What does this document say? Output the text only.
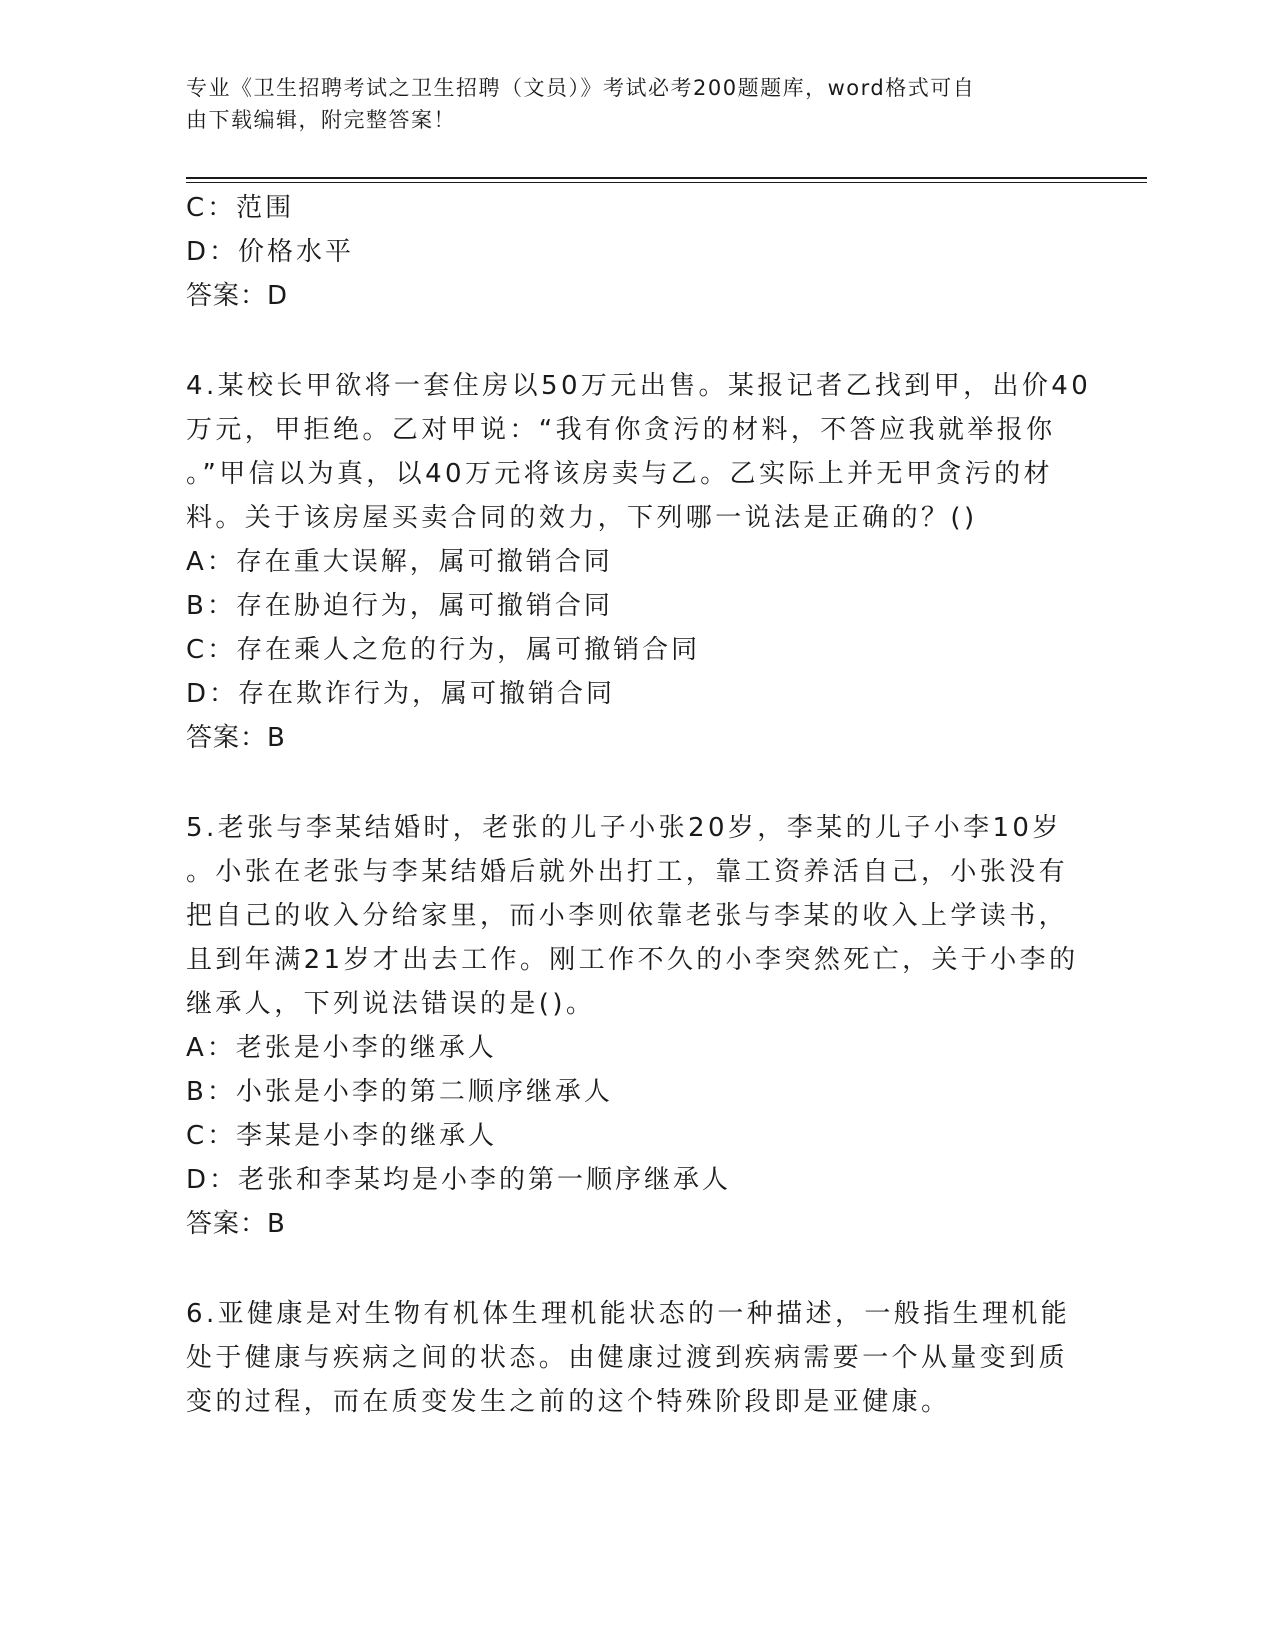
专业《卫生招聘考试之卫生招聘（文员）》考试必考200题题库，word格式可自
由下载编辑，附完整答案！
C：范围
D：价格水平
答案：D
4.某校长甲欲将一套住房以50万元出售。某报记者乙找到甲，出价40
万元，甲拒绝。乙对甲说：“我有你贪污的材料，不答应我就举报你
。”甲信以为真，以40万元将该房卖与乙。乙实际上并无甲贪污的材
料。关于该房屋买卖合同的效力，下列哪一说法是正确的？()
A：存在重大误解，属可撤销合同
B：存在胁迫行为，属可撤销合同
C：存在乘人之危的行为，属可撤销合同
D：存在欺诈行为，属可撤销合同
答案：B
5.老张与李某结婚时，老张的儿子小张20岁，李某的儿子小李10岁
。小张在老张与李某结婚后就外出打工，靠工资养活自己，小张没有
把自己的收入分给家里，而小李则依靠老张与李某的收入上学读书，
且到年满21岁才出去工作。刚工作不久的小李突然死亡，关于小李的
继承人，下列说法错误的是()。
A：老张是小李的继承人
B：小张是小李的第二顺序继承人
C：李某是小李的继承人
D：老张和李某均是小李的第一顺序继承人
答案：B
6.亚健康是对生物有机体生理机能状态的一种描述，一般指生理机能
处于健康与疾病之间的状态。由健康过渡到疾病需要一个从量变到质
变的过程，而在质变发生之前的这个特殊阶段即是亚健康。
